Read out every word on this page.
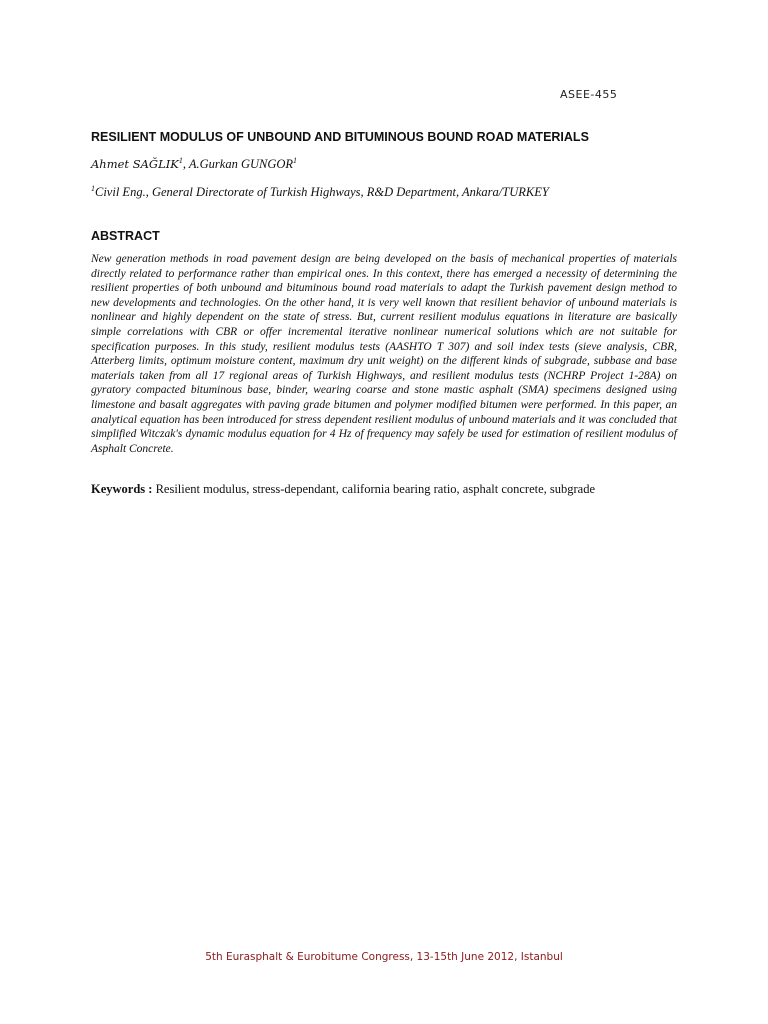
ASEE-455
RESILIENT MODULUS OF UNBOUND AND BITUMINOUS BOUND ROAD MATERIALS
Ahmet SAĞLIK$^1$, A.Gurkan GUNGOR$^1$
$^1$Civil Eng., General Directorate of Turkish Highways, R&D Department, Ankara/TURKEY
ABSTRACT

New generation methods in road pavement design are being developed on the basis of mechanical properties of materials directly related to performance rather than empirical ones. In this context, there has emerged a necessity of determining the resilient properties of both unbound and bituminous bound road materials to adapt the Turkish pavement design method to new developments and technologies. On the other hand, it is very well known that resilient behavior of unbound materials is nonlinear and highly dependent on the state of stress. But, current resilient modulus equations in literature are basically simple correlations with CBR or offer incremental iterative nonlinear numerical solutions which are not suitable for specification purposes. In this study, resilient modulus tests (AASHTO T 307) and soil index tests (sieve analysis, CBR, Atterberg limits, optimum moisture content, maximum dry unit weight) on the different kinds of subgrade, subbase and base materials taken from all 17 regional areas of Turkish Highways, and resilient modulus tests (NCHRP Project 1-28A) on gyratory compacted bituminous base, binder, wearing coarse and stone mastic asphalt (SMA) specimens designed using limestone and basalt aggregates with paving grade bitumen and polymer modified bitumen were performed. In this paper, an analytical equation has been introduced for stress dependent resilient modulus of unbound materials and it was concluded that simplified Witczak's dynamic modulus equation for 4 Hz of frequency may safely be used for estimation of resilient modulus of Asphalt Concrete.

Keywords : Resilient modulus, stress-dependant, california bearing ratio, asphalt concrete, subgrade
5th Eurasphalt & Eurobitume Congress, 13-15th June 2012, Istanbul
